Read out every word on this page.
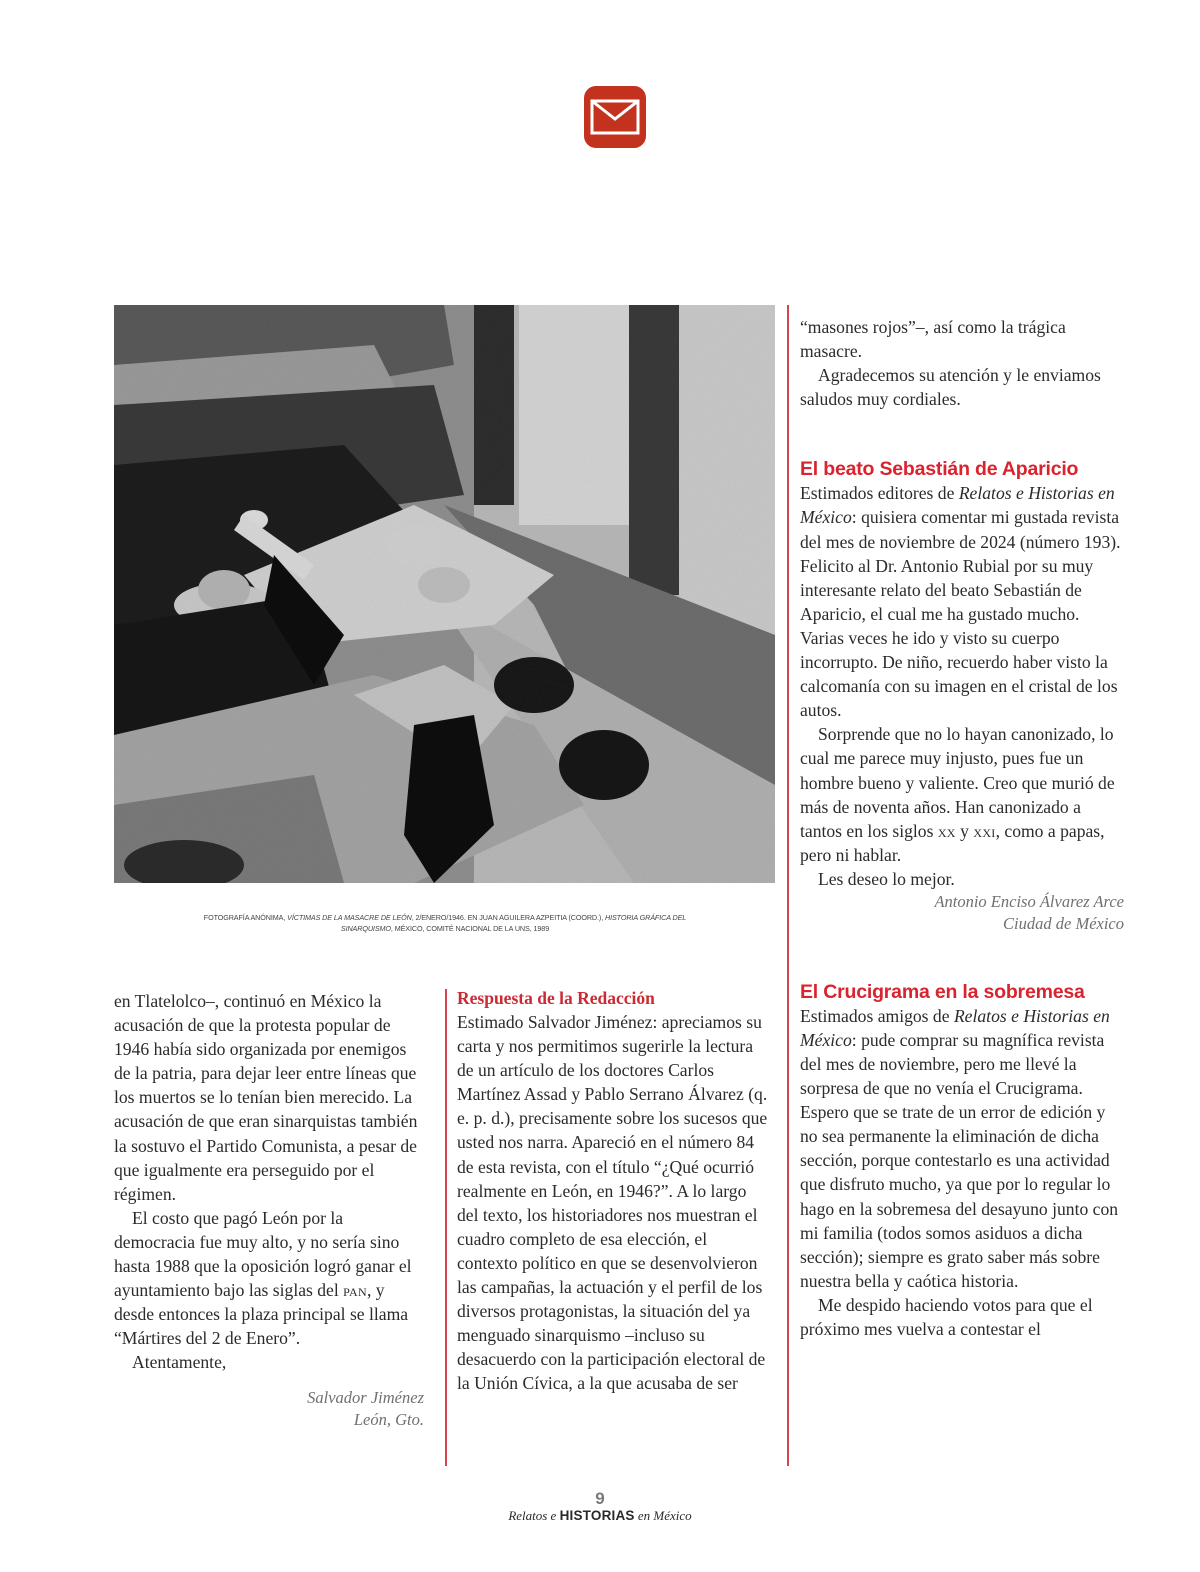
FOTOGRAFÍA ANÓNIMA, VÍCTIMAS DE LA MASACRE DE LEÓN, 2/ENERO/1946. EN JUAN AGUILERA AZPEITIA (COORD.), HISTORIA GRÁFICA DEL SINARQUISMO, MÉXICO, COMITÉ NACIONAL DE LA UNS, 1989

en Tlatelolco–, continuó en México la acusación de que la protesta popular de 1946 había sido organizada por enemigos de la patria, para dejar leer entre líneas que los muertos se lo tenían bien merecido. La acusación de que eran sinarquistas también la sostuvo el Partido Comunista, a pesar de que igualmente era perseguido por el régimen.

El costo que pagó León por la democracia fue muy alto, y no sería sino hasta 1988 que la oposición logró ganar el ayuntamiento bajo las siglas del pan, y desde entonces la plaza principal se llama “Mártires del 2 de Enero”.

Atentamente,

Salvador Jiménez

León, Gto.

Respuesta de la Redacción

Estimado Salvador Jiménez: apreciamos su carta y nos permitimos sugerirle la lectura de un artículo de los doctores Carlos Martínez Assad y Pablo Serrano Álvarez (q. e. p. d.), precisamente sobre los sucesos que usted nos narra. Apareció en el número 84 de esta revista, con el título “¿Qué ocurrió realmente en León, en 1946?”. A lo largo del texto, los historiadores nos muestran el cuadro completo de esa elección, el contexto político en que se desenvolvieron las campañas, la actuación y el perfil de los diversos protagonistas, la situación del ya menguado sinarquismo –incluso su desacuerdo con la participación electoral de la Unión Cívica, a la que acusaba de ser

“masones rojos”–, así como la trágica masacre.

Agradecemos su atención y le enviamos saludos muy cordiales.

El beato Sebastián de Aparicio

Estimados editores de Relatos e Historias en México: quisiera comentar mi gustada revista del mes de noviembre de 2024 (número 193). Felicito al Dr. Antonio Rubial por su muy interesante relato del beato Sebastián de Aparicio, el cual me ha gustado mucho. Varias veces he ido y visto su cuerpo incorrupto. De niño, recuerdo haber visto la calcomanía con su imagen en el cristal de los autos.

Sorprende que no lo hayan canonizado, lo cual me parece muy injusto, pues fue un hombre bueno y valiente. Creo que murió de más de noventa años. Han canonizado a tantos en los siglos xx y xxi, como a papas, pero ni hablar.

Les deseo lo mejor.

Antonio Enciso Álvarez Arce

Ciudad de México

El Crucigrama en la sobremesa

Estimados amigos de Relatos e Historias en México: pude comprar su magnífica revista del mes de noviembre, pero me llevé la sorpresa de que no venía el Crucigrama. Espero que se trate de un error de edición y no sea permanente la eliminación de dicha sección, porque contestarlo es una actividad que disfruto mucho, ya que por lo regular lo hago en la sobremesa del desayuno junto con mi familia (todos somos asiduos a dicha sección); siempre es grato saber más sobre nuestra bella y caótica historia.

Me despido haciendo votos para que el próximo mes vuelva a contestar el

9
Relatos e HISTORIAS en México
